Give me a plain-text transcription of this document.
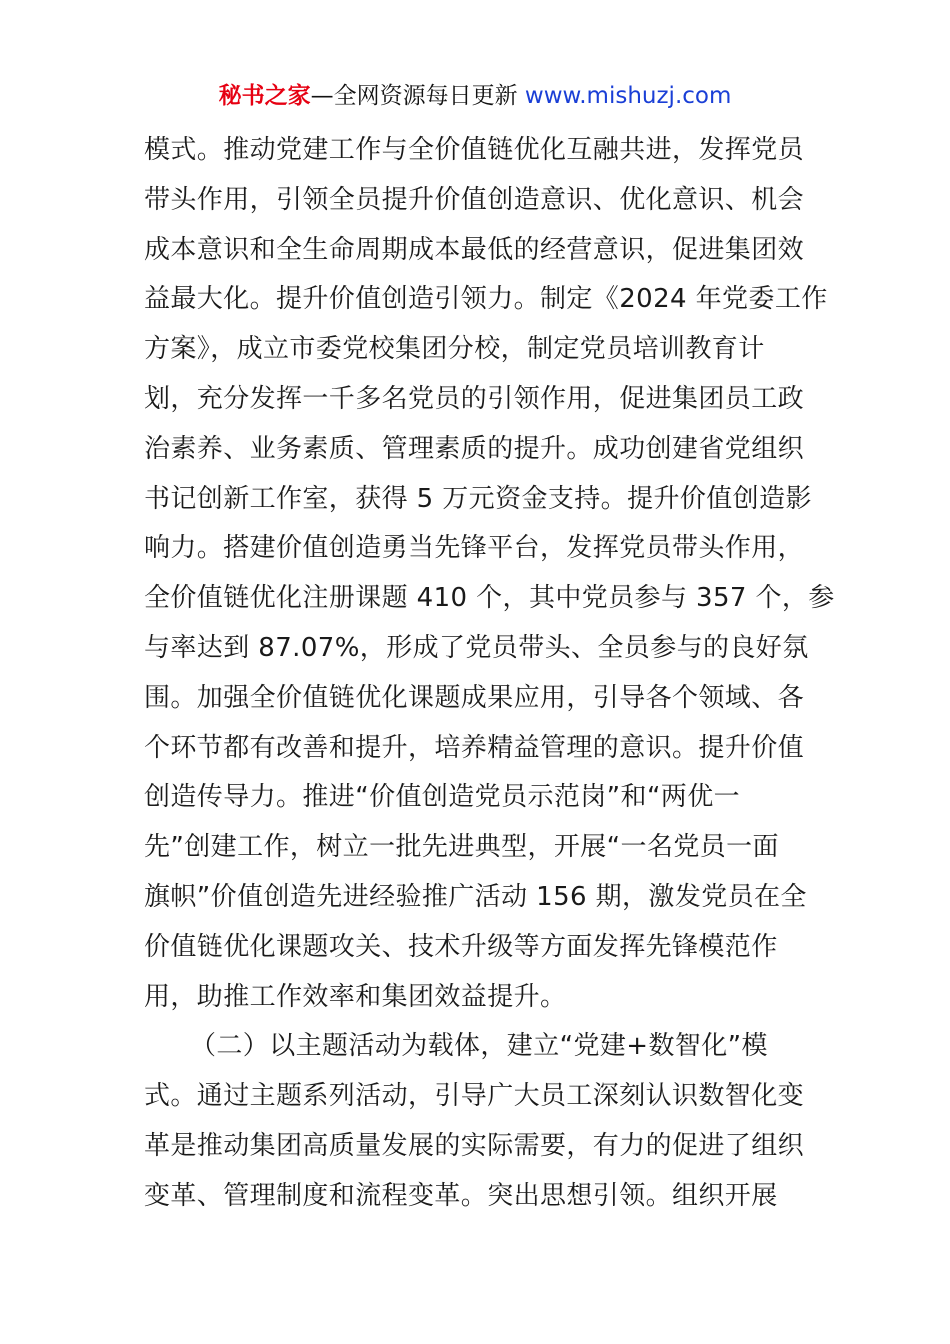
秘书之家—全网资源每日更新 www.mishuzj.com
模式。推动党建工作与全价值链优化互融共进，发挥党员
带头作用，引领全员提升价值创造意识、优化意识、机会
成本意识和全生命周期成本最低的经营意识，促进集团效
益最大化。提升价值创造引领力。制定《2024 年党委工作
方案》，成立市委党校集团分校，制定党员培训教育计
划，充分发挥一千多名党员的引领作用，促进集团员工政
治素养、业务素质、管理素质的提升。成功创建省党组织
书记创新工作室，获得 5 万元资金支持。提升价值创造影
响力。搭建价值创造勇当先锋平台，发挥党员带头作用，
全价值链优化注册课题 410 个，其中党员参与 357 个，参
与率达到 87.07%，形成了党员带头、全员参与的良好氛
围。加强全价值链优化课题成果应用，引导各个领域、各
个环节都有改善和提升，培养精益管理的意识。提升价值
创造传导力。推进“价值创造党员示范岗”和“两优一
先”创建工作，树立一批先进典型，开展“一名党员一面
旗帜”价值创造先进经验推广活动 156 期，激发党员在全
价值链优化课题攻关、技术升级等方面发挥先锋模范作
用，助推工作效率和集团效益提升。
（二）以主题活动为载体，建立“党建+数智化”模
式。通过主题系列活动，引导广大员工深刻认识数智化变
革是推动集团高质量发展的实际需要，有力的促进了组织
变革、管理制度和流程变革。突出思想引领。组织开展
